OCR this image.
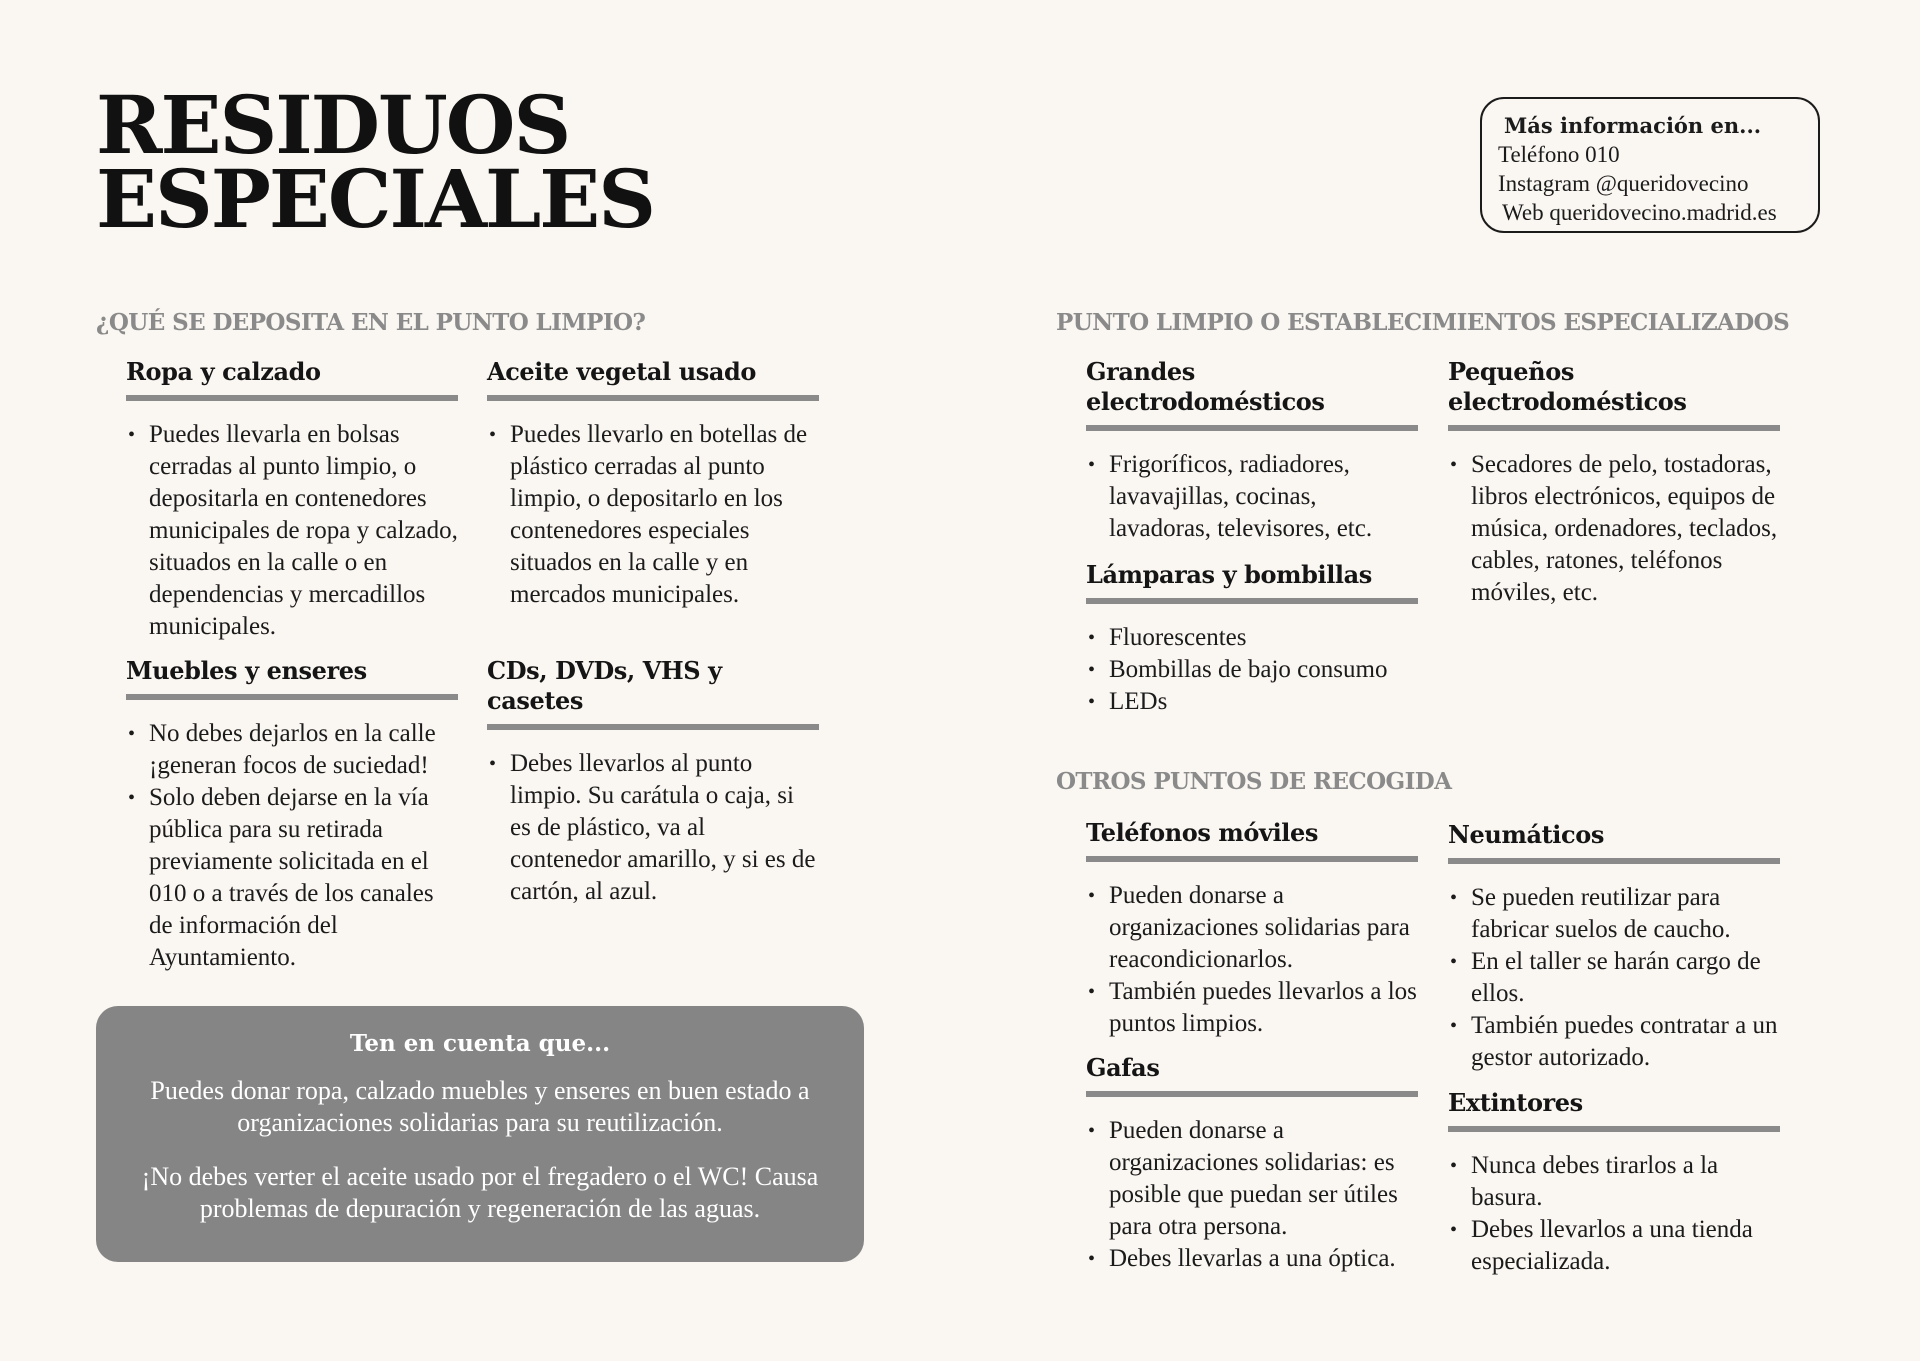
RESIDUOS
ESPECIALES
Más información en...
Teléfono 010
Instagram @queridovecino
Web queridovecino.madrid.es
¿QUÉ SE DEPOSITA EN EL PUNTO LIMPIO?
Ropa y calzado
• Puedes llevarla en bolsas cerradas al punto limpio, o depositarla en contenedores municipales de ropa y calzado, situados en la calle o en dependencias y mercadillos municipales.
Aceite vegetal usado
• Puedes llevarlo en botellas de plástico cerradas al punto limpio, o depositarlo en los contenedores especiales situados en la calle y en mercados municipales.
Muebles y enseres
• No debes dejarlos en la calle ¡generan focos de suciedad!
• Solo deben dejarse en la vía pública para su retirada previamente solicitada en el 010 o a través de los canales de información del Ayuntamiento.
CDs, DVDs, VHS y casetes
• Debes llevarlos al punto limpio. Su carátula o caja, si es de plástico, va al contenedor amarillo, y si es de cartón, al azul.
Ten en cuenta que...

Puedes donar ropa, calzado muebles y enseres en buen estado a organizaciones solidarias para su reutilización.

¡No debes verter el aceite usado por el fregadero o el WC! Causa problemas de depuración y regeneración de las aguas.

PUNTO LIMPIO O ESTABLECIMIENTOS ESPECIALIZADOS
Grandes electrodomésticos
• Frigoríficos, radiadores, lavavajillas, cocinas, lavadoras, televisores, etc.
Pequeños electrodomésticos
• Secadores de pelo, tostadoras, libros electrónicos, equipos de música, ordenadores, teclados, cables, ratones, teléfonos móviles, etc.
Lámparas y bombillas
• Fluorescentes
• Bombillas de bajo consumo
• LEDs
OTROS PUNTOS DE RECOGIDA
Teléfonos móviles
• Pueden donarse a organizaciones solidarias para reacondicionarlos.
• También puedes llevarlos a los puntos limpios.
Neumáticos
• Se pueden reutilizar para fabricar suelos de caucho.
• En el taller se harán cargo de ellos.
• También puedes contratar a un gestor autorizado.
Gafas
• Pueden donarse a organizaciones solidarias: es posible que puedan ser útiles para otra persona.
• Debes llevarlas a una óptica.
Extintores
• Nunca debes tirarlos a la basura.
• Debes llevarlos a una tienda especializada.
